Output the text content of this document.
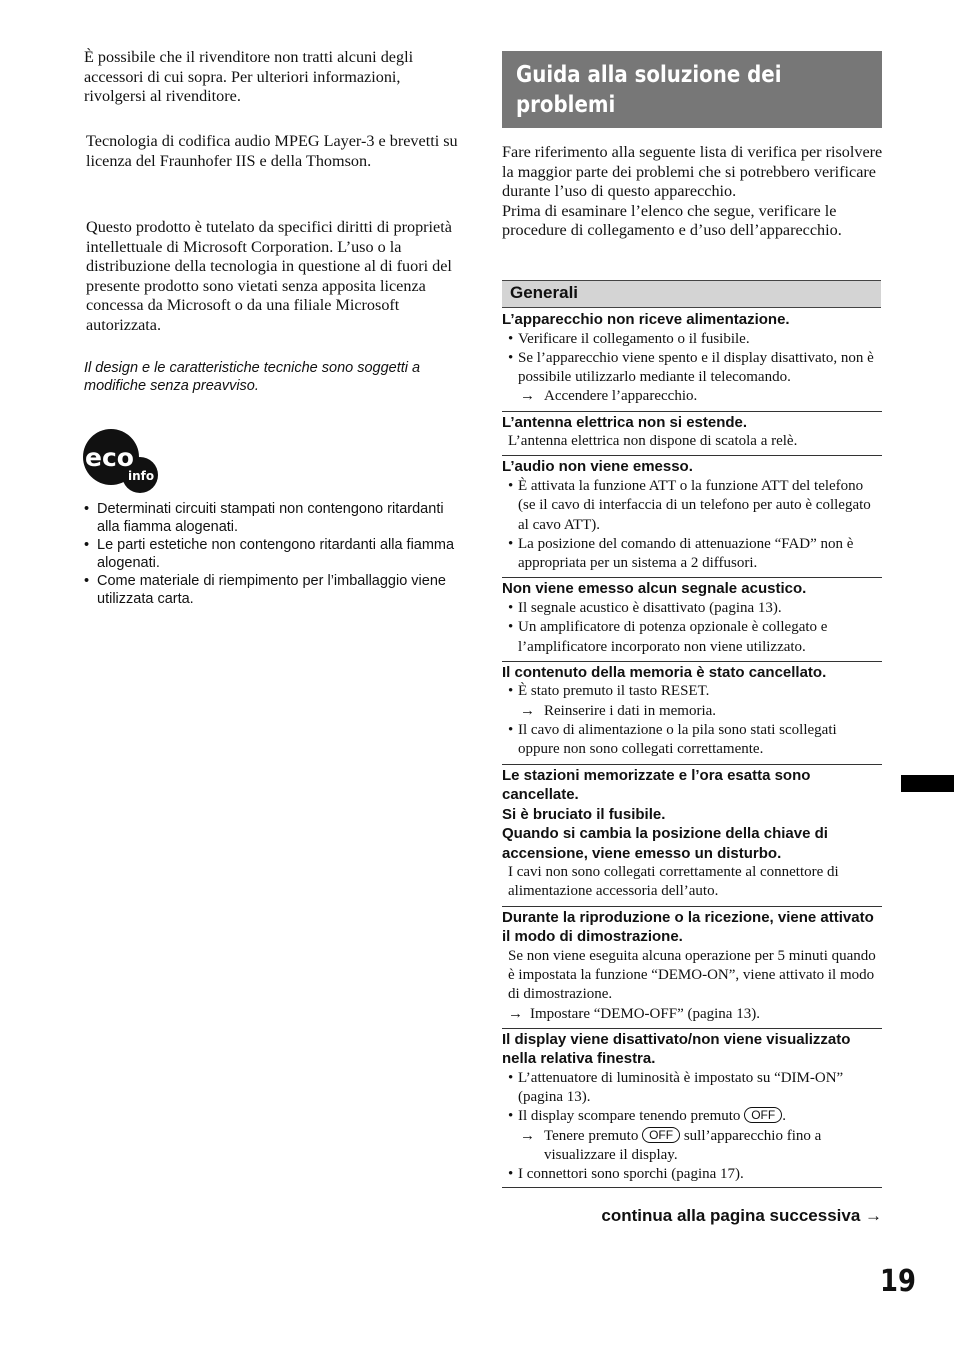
È possibile che il rivenditore non tratti alcuni degli accessori di cui sopra. Per ulteriori informazioni, rivolgersi al rivenditore.

Tecnologia di codifica audio MPEG Layer-3 e brevetti su licenza del Fraunhofer IIS e della Thomson.

Questo prodotto è tutelato da specifici diritti di proprietà intellettuale di Microsoft Corporation. L’uso o la distribuzione della tecnologia in questione al di fuori del presente prodotto sono vietati senza apposita licenza concessa da Microsoft o da una filiale Microsoft autorizzata.

Il design e le caratteristiche tecniche sono soggetti a modifiche senza preavviso.

eco
info
• Determinati circuiti stampati non contengono ritardanti alla fiamma alogenati.
• Le parti estetiche non contengono ritardanti alla fiamma alogenati.
• Come materiale di riempimento per l’imballaggio viene utilizzata carta.
Guida alla soluzione dei problemi

Fare riferimento alla seguente lista di verifica per risolvere la maggior parte dei problemi che si potrebbero verificare durante l’uso di questo apparecchio.

Prima di esaminare l’elenco che segue, verificare le procedure di collegamento e d’uso dell’apparecchio.

Generali
L’apparecchio non riceve alimentazione.
• Verificare il collegamento o il fusibile.
• Se l’apparecchio viene spento e il display disattivato, non è possibile utilizzarlo mediante il telecomando.
→ Accendere l’apparecchio.
L’antenna elettrica non si estende.
L’antenna elettrica non dispone di scatola a relè.
L’audio non viene emesso.
• È attivata la funzione ATT o la funzione ATT del telefono (se il cavo di interfaccia di un telefono per auto è collegato al cavo ATT).
• La posizione del comando di attenuazione “FAD” non è appropriata per un sistema a 2 diffusori.
Non viene emesso alcun segnale acustico.
• Il segnale acustico è disattivato (pagina 13).
• Un amplificatore di potenza opzionale è collegato e l’amplificatore incorporato non viene utilizzato.
Il contenuto della memoria è stato cancellato.
• È stato premuto il tasto RESET.
→ Reinserire i dati in memoria.
• Il cavo di alimentazione o la pila sono stati scollegati oppure non sono collegati correttamente.
Le stazioni memorizzate e l’ora esatta sono cancellate.
Si è bruciato il fusibile.
Quando si cambia la posizione della chiave di accensione, viene emesso un disturbo.
I cavi non sono collegati correttamente al connettore di alimentazione accessoria dell’auto.
Durante la riproduzione o la ricezione, viene attivato il modo di dimostrazione.
Se non viene eseguita alcuna operazione per 5 minuti quando è impostata la funzione “DEMO-ON”, viene attivato il modo di dimostrazione.
→ Impostare “DEMO-OFF” (pagina 13).
Il display viene disattivato/non viene visualizzato nella relativa finestra.
• L’attenuatore di luminosità è impostato su “DIM-ON” (pagina 13).
• Il display scompare tenendo premuto OFF .
→ Tenere premuto OFF sull’apparecchio fino a visualizzare il display.
• I connettori sono sporchi (pagina 17).
continua alla pagina successiva →
19
